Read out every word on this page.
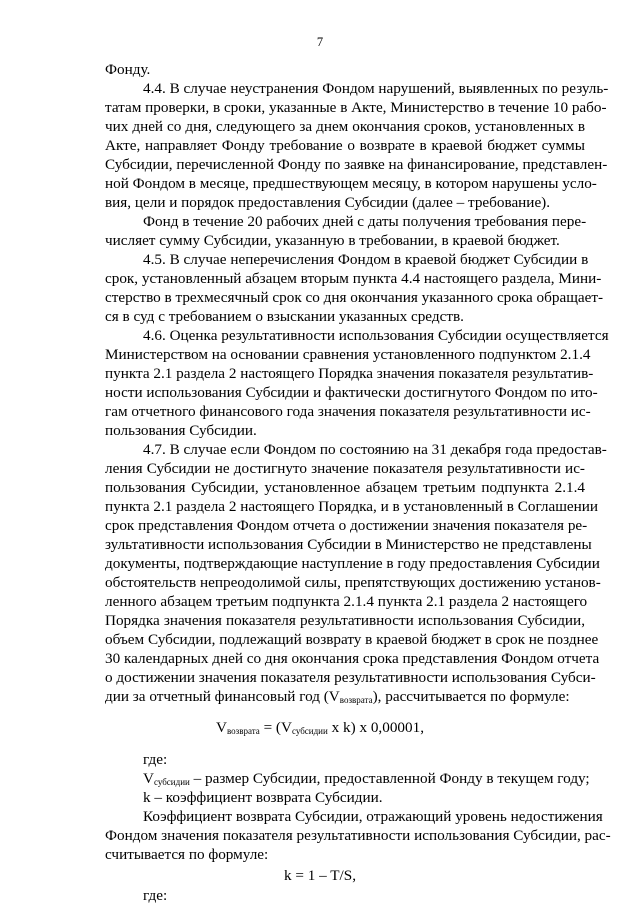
7
Фонду.
4.4. В случае неустранения Фондом нарушений, выявленных по резуль-
татам проверки, в сроки, указанные в Акте, Министерство в течение 10 рабо-
чих дней со дня, следующего за днем окончания сроков, установленных в
Акте, направляет Фонду требование о возврате в краевой бюджет суммы
Субсидии, перечисленной Фонду по заявке на финансирование, представлен-
ной Фондом в месяце, предшествующем месяцу, в котором нарушены усло-
вия, цели и порядок предоставления Субсидии (далее – требование).
Фонд в течение 20 рабочих дней с даты получения требования пере-
числяет сумму Субсидии, указанную в требовании, в краевой бюджет.
4.5. В случае неперечисления Фондом в краевой бюджет Субсидии в
срок, установленный абзацем вторым пункта 4.4 настоящего раздела, Мини-
стерство в трехмесячный срок со дня окончания указанного срока обращает-
ся в суд с требованием о взыскании указанных средств.
4.6. Оценка результативности использования Субсидии осуществляется
Министерством на основании сравнения установленного подпунктом 2.1.4
пункта 2.1 раздела 2 настоящего Порядка значения показателя результатив-
ности использования Субсидии и фактически достигнутого Фондом по ито-
гам отчетного финансового года значения показателя результативности ис-
пользования Субсидии.
4.7. В случае если Фондом по состоянию на 31 декабря года предостав-
ления Субсидии не достигнуто значение показателя результативности ис-
пользования Субсидии, установленное абзацем третьим подпункта 2.1.4
пункта 2.1 раздела 2 настоящего Порядка, и в установленный в Соглашении
срок представления Фондом отчета о достижении значения показателя ре-
зультативности использования Субсидии в Министерство не представлены
документы, подтверждающие наступление в году предоставления Субсидии
обстоятельств непреодолимой силы, препятствующих достижению установ-
ленного абзацем третьим подпункта 2.1.4 пункта 2.1 раздела 2 настоящего
Порядка значения показателя результативности использования Субсидии,
объем Субсидии, подлежащий возврату в краевой бюджет в срок не позднее
30 календарных дней со дня окончания срока представления Фондом отчета
о достижении значения показателя результативности использования Субси-
дии за отчетный финансовый год $(V_{возврата})$, рассчитывается по формуле:
$V_{возврата} = (V_{субсидии}$ x k) x 0,00001,
где:
$V_{субсидии}$ – размер Субсидии, предоставленной Фонду в текущем году;
k – коэффициент возврата Субсидии.
Коэффициент возврата Субсидии, отражающий уровень недостижения
Фондом значения показателя результативности использования Субсидии, рас-
считывается по формуле:
k = 1 – T/S,
где:
